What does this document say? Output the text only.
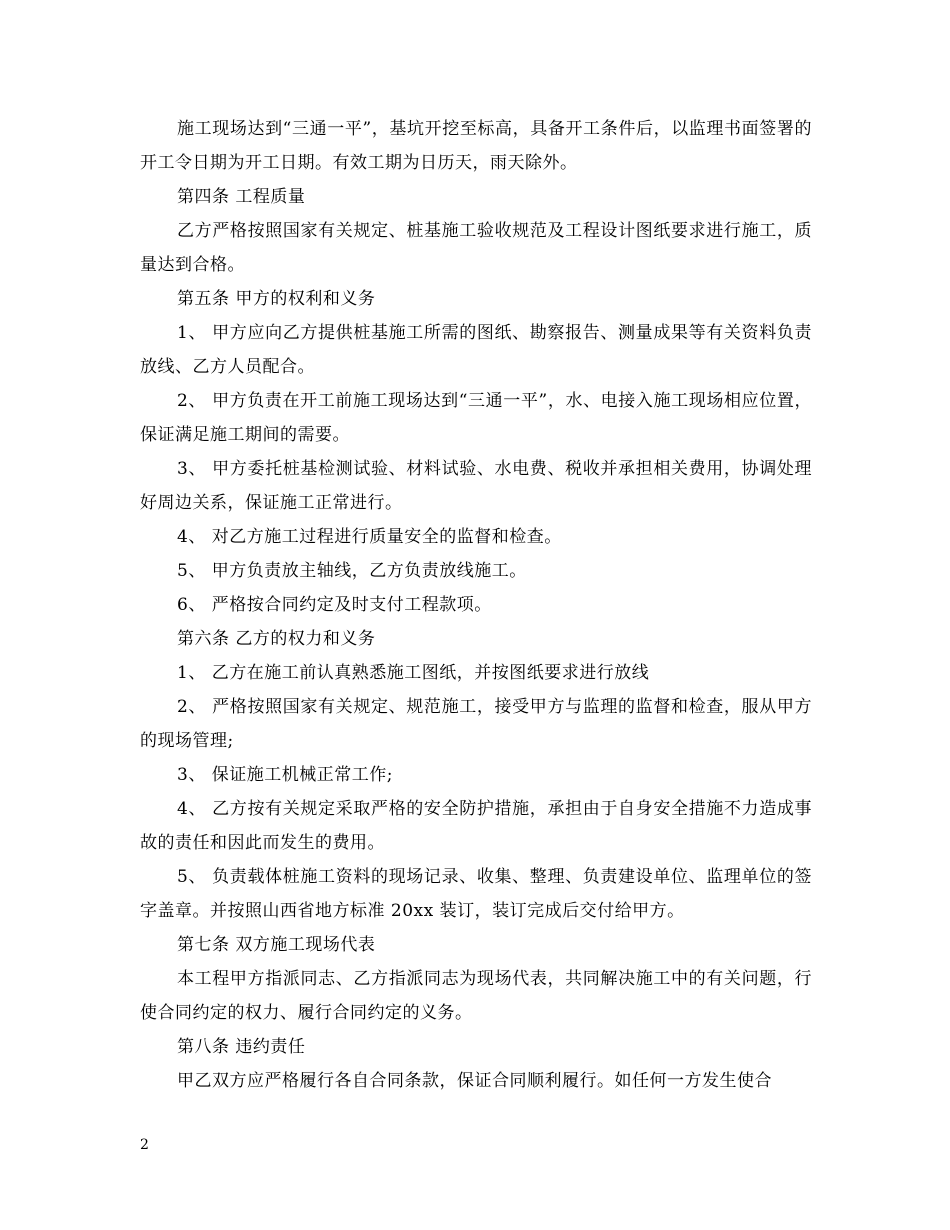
施工现场达到“三通一平”，基坑开挖至标高，具备开工条件后，以监理书面签署的开工令日期为开工日期。有效工期为日历天，雨天除外。

第四条 工程质量

乙方严格按照国家有关规定、桩基施工验收规范及工程设计图纸要求进行施工，质量达到合格。

第五条 甲方的权利和义务

1、 甲方应向乙方提供桩基施工所需的图纸、勘察报告、测量成果等有关资料负责放线、乙方人员配合。

2、 甲方负责在开工前施工现场达到“三通一平”，水、电接入施工现场相应位置，保证满足施工期间的需要。

3、 甲方委托桩基检测试验、材料试验、水电费、税收并承担相关费用，协调处理好周边关系，保证施工正常进行。

4、 对乙方施工过程进行质量安全的监督和检查。

5、 甲方负责放主轴线，乙方负责放线施工。

6、 严格按合同约定及时支付工程款项。

第六条 乙方的权力和义务

1、 乙方在施工前认真熟悉施工图纸，并按图纸要求进行放线

2、 严格按照国家有关规定、规范施工，接受甲方与监理的监督和检查，服从甲方的现场管理;

3、 保证施工机械正常工作;

4、 乙方按有关规定采取严格的安全防护措施，承担由于自身安全措施不力造成事故的责任和因此而发生的费用。

5、 负责载体桩施工资料的现场记录、收集、整理、负责建设单位、监理单位的签字盖章。并按照山西省地方标准 20xx 装订，装订完成后交付给甲方。

第七条 双方施工现场代表

本工程甲方指派同志、乙方指派同志为现场代表，共同解决施工中的有关问题，行使合同约定的权力、履行合同约定的义务。

第八条 违约责任

甲乙双方应严格履行各自合同条款，保证合同顺利履行。如任何一方发生使合

2
